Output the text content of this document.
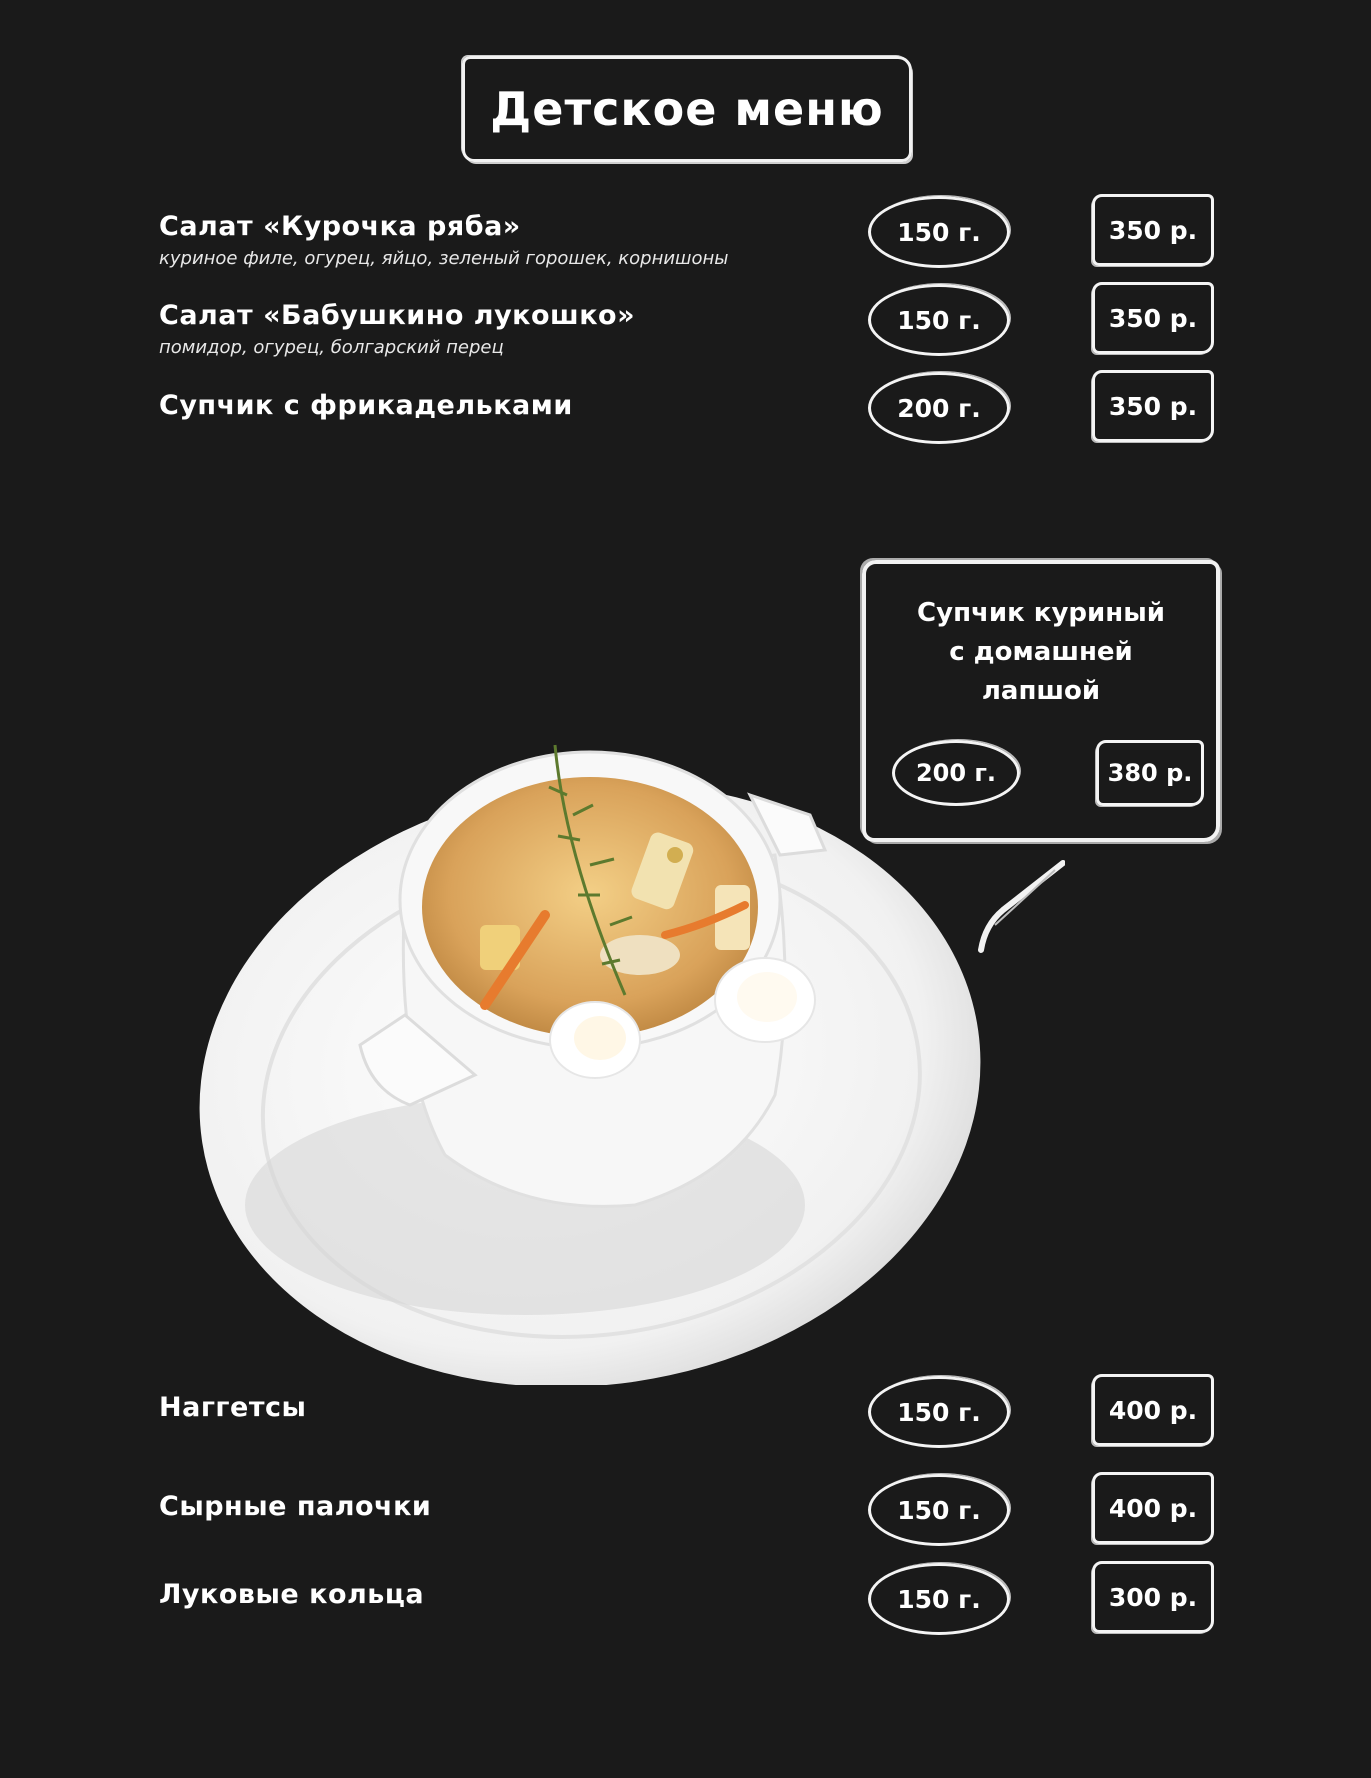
Детское меню
Салат «Курочка ряба»
куриное филе, огурец, яйцо, зеленый горошек, корнишоны
150 г.	350 р.
Салат «Бабушкино лукошко»
помидор, огурец, болгарский перец
150 г.	350 р.
Супчик с фрикадельками	200 г.	350 р.
Супчик куриный
с домашней
лапшой
200 г.	380 р.
Наггетсы	150 г.	400 р.
Сырные палочки	150 г.	400 р.
Луковые кольца	150 г.	300 р.
